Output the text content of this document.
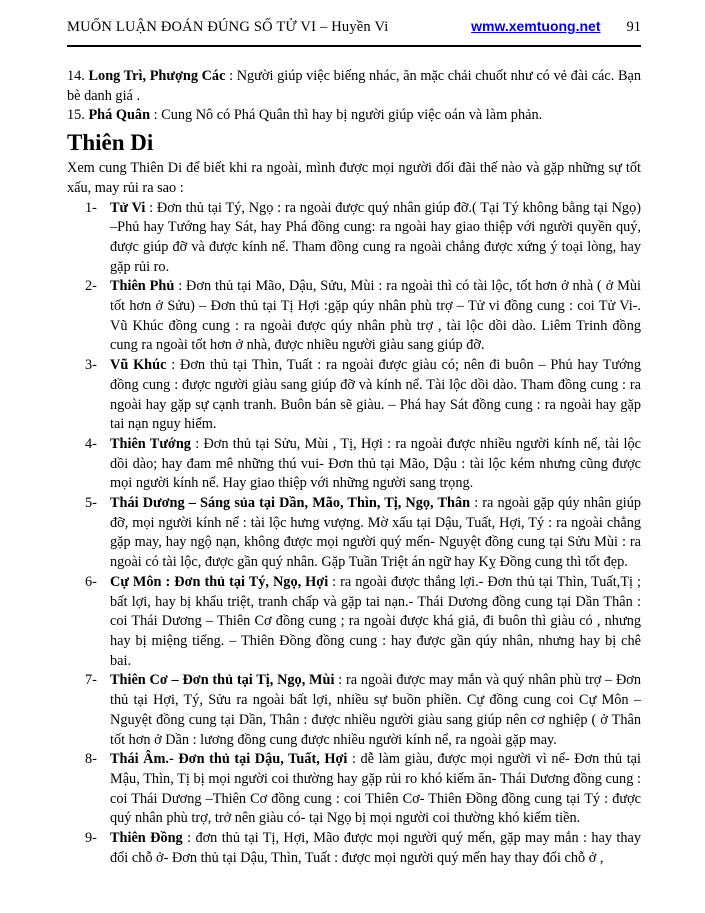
MUỐN LUẬN ĐOÁN ĐÚNG SỐ TỬ VI – Huyền Vi	wmw.xemtuong.net 91

14. Long Trì, Phượng Các : Người giúp việc biếng nhác, ăn mặc chải chuốt như có vẻ đài các. Bạn bè danh giá .

15. Phá Quân : Cung Nô có Phá Quân thì hay bị người giúp việc oán và làm phản.

Thiên Di

Xem cung Thiên Di để biết khi ra ngoài, mình được mọi người đối đãi thế nào và gặp những sự tốt xấu, may rủi ra sao :

1- Tử Vi : Đơn thủ tại Tý, Ngọ : ra ngoài được quý nhân giúp đỡ.( Tại Tý không bằng tại Ngọ) –Phủ hay Tướng hay Sát, hay Phá đồng cung: ra ngoài hay giao thiệp với người quyền quý, được giúp đỡ và được kính nể. Tham đồng cung ra ngoài chẳng được xứng ý toại lòng, hay gặp rủi ro.
2- Thiên Phủ : Đơn thủ tại Mão, Dậu, Sửu, Mùi : ra ngoài thì có tài lộc, tốt hơn ở nhà ( ở Mùi tốt hơn ở Sửu) – Đơn thủ tại Tị Hợi :gặp qúy nhân phù trợ – Tử vi đồng cung : coi Tử Vi-. Vũ Khúc đồng cung : ra ngoài được qúy nhân phù trợ , tài lộc dồi dào. Liêm Trinh đồng cung ra ngoài tốt hơn ở nhà, được nhiều người giàu sang giúp đỡ.
3- Vũ Khúc : Đơn thủ tại Thìn, Tuất : ra ngoài được giàu có; nên đi buôn – Phủ hay Tướng đồng cung : được người giàu sang giúp đỡ và kính nể. Tài lộc dồi dào. Tham đồng cung : ra ngoài hay gặp sự cạnh tranh. Buôn bán sẽ giàu. – Phá hay Sát đồng cung : ra ngoài hay gặp tai nạn nguy hiểm.
4- Thiên Tướng : Đơn thủ tại Sửu, Mùi , Tị, Hợi : ra ngoài được nhiều người kính nể, tài lộc dồi dào; hay đam mê những thú vui- Đơn thủ tại Mão, Dậu : tài lộc kém nhưng cũng được mọi người kính nể. Hay giao thiệp với những người sang trọng.
5- Thái Dương – Sáng sủa tại Dần, Mão, Thìn, Tị, Ngọ, Thân : ra ngoài gặp qúy nhân giúp đỡ, mọi người kính nể : tài lộc hưng vượng. Mờ xấu tại Dậu, Tuất, Hợi, Tý : ra ngoài chẳng gặp may, hay ngộ nạn, không được mọi người quý mến- Nguyệt đồng cung tại Sửu Mùi : ra ngoài có tài lộc, được gần quý nhân. Gặp Tuần Triệt án ngữ hay Kỵ Đồng cung thì tốt đẹp.
6- Cự Môn : Đơn thủ tại Tý, Ngọ, Hợi : ra ngoài được thắng lợi.- Đơn thủ tại Thìn, Tuất,Tị ; bất lợi, hay bị khẩu triệt, tranh chấp và gặp tai nạn.- Thái Dương đồng cung tại Dần Thân : coi Thái Dương – Thiên Cơ đồng cung ; ra ngoài được khá giả, đi buôn thì giàu có , nhưng hay bị miệng tiếng. – Thiên Đồng đồng cung : hay được gần qúy nhân, nhưng hay bị chê bai.
7- Thiên Cơ – Đơn thủ tại Tị, Ngọ, Mùi : ra ngoài được may mắn và quý nhân phù trợ – Đơn thủ tại Hợi, Tý, Sửu ra ngoài bất lợi, nhiều sự buồn phiền. Cự đồng cung coi Cự Môn – Nguyệt đồng cung tại Dần, Thân : được nhiều người giàu sang giúp nên cơ nghiệp ( ở Thân tốt hơn ở Dần : lương đồng cung được nhiều người kính nể, ra ngoài gặp may.
8- Thái Âm.- Đơn thủ tại Dậu, Tuất, Hợi : dễ làm giàu, được mọi người vì nể- Đơn thủ tại Mậu, Thìn, Tị bị mọi người coi thường hay gặp rủi ro khó kiếm ăn- Thái Dương đồng cung : coi Thái Dương –Thiên Cơ đồng cung : coi Thiên Cơ- Thiên Đồng đồng cung tại Tý : được quý nhân phù trợ, trở nên giàu có- tại Ngọ bị mọi người coi thường khó kiếm tiền.
9- Thiên Đồng : đơn thủ tại Tị, Hợi, Mão được mọi người quý mến, gặp may mắn : hay thay đổi chỗ ở- Đơn thủ tại Dậu, Thìn, Tuất : được mọi người quý mến hay thay đổi chỗ ở ,
